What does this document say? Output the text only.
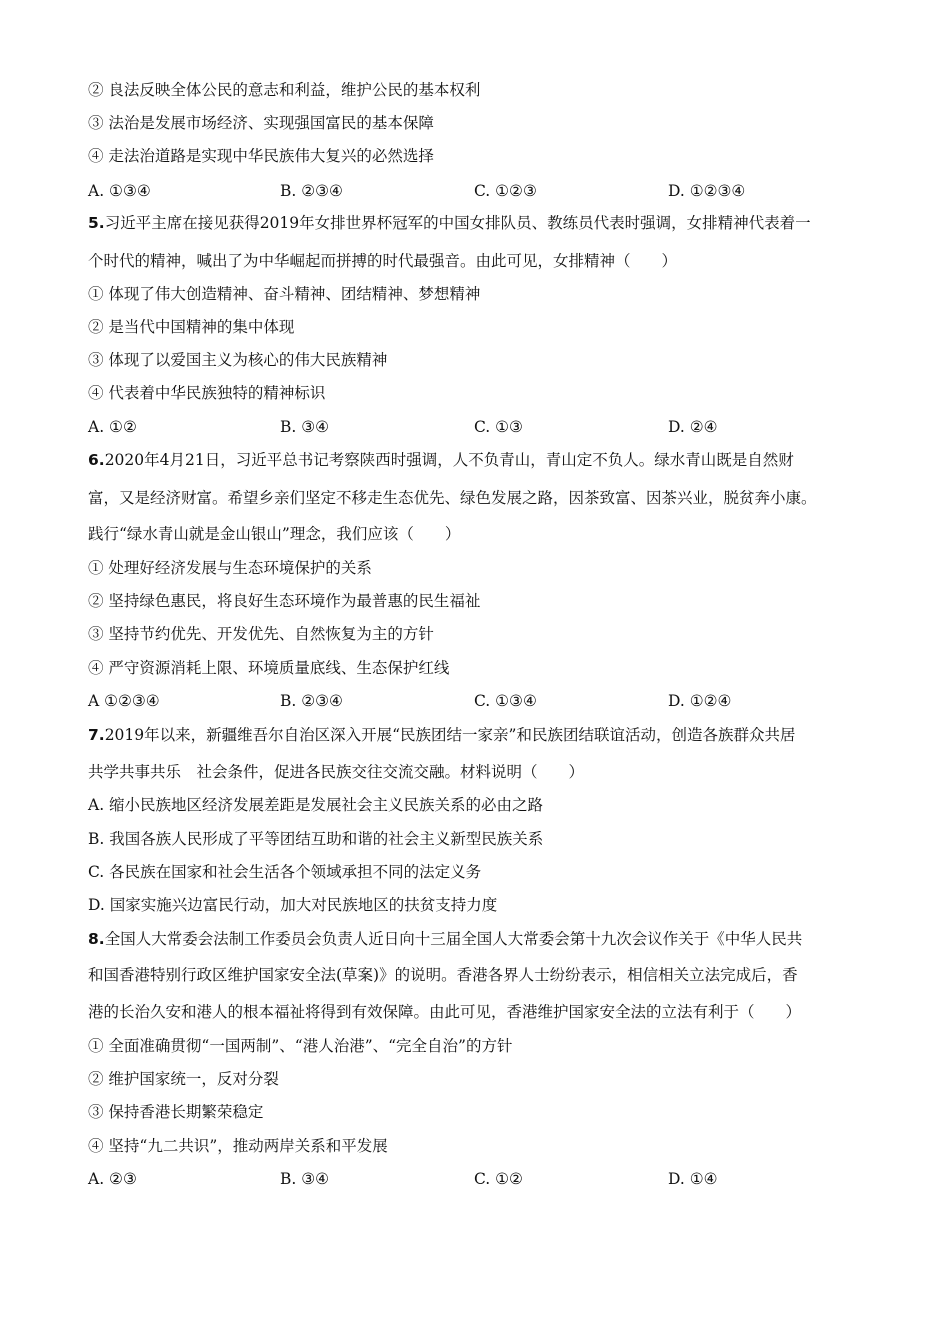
② 良法反映全体公民的意志和利益，维护公民的基本权利
③ 法治是发展市场经济、实现强国富民的基本保障
④ 走法治道路是实现中华民族伟大复兴的必然选择
A. ①③④	B. ②③④	C. ①②③	D. ①②③④
5.习近平主席在接见获得2019年女排世界杯冠军的中国女排队员、教练员代表时强调，女排精神代表着一
个时代的精神，喊出了为中华崛起而拼搏的时代最强音。由此可见，女排精神（　　）
① 体现了伟大创造精神、奋斗精神、团结精神、梦想精神
② 是当代中国精神的集中体现
③ 体现了以爱国主义为核心的伟大民族精神
④ 代表着中华民族独特的精神标识
A. ①②	B. ③④	C. ①③	D. ②④
6.2020年4月21日，习近平总书记考察陕西时强调，人不负青山，青山定不负人。绿水青山既是自然财
富，又是经济财富。希望乡亲们坚定不移走生态优先、绿色发展之路，因茶致富、因茶兴业，脱贫奔小康。
践行“绿水青山就是金山银山”理念，我们应该（　　）
① 处理好经济发展与生态环境保护的关系
② 坚持绿色惠民，将良好生态环境作为最普惠的民生福祉
③ 坚持节约优先、开发优先、自然恢复为主的方针
④ 严守资源消耗上限、环境质量底线、生态保护红线
A ①②③④	B. ②③④	C. ①③④	D. ①②④
7.2019年以来，新疆维吾尔自治区深入开展“民族团结一家亲”和民族团结联谊活动，创造各族群众共居
共学共事共乐　社会条件，促进各民族交往交流交融。材料说明（　　）
A. 缩小民族地区经济发展差距是发展社会主义民族关系的必由之路
B. 我国各族人民形成了平等团结互助和谐的社会主义新型民族关系
C. 各民族在国家和社会生活各个领域承担不同的法定义务
D. 国家实施兴边富民行动，加大对民族地区的扶贫支持力度
8.全国人大常委会法制工作委员会负责人近日向十三届全国人大常委会第十九次会议作关于《中华人民共
和国香港特别行政区维护国家安全法(草案)》的说明。香港各界人士纷纷表示，相信相关立法完成后，香
港的长治久安和港人的根本福祉将得到有效保障。由此可见，香港维护国家安全法的立法有利于（　　）
① 全面准确贯彻“一国两制”、“港人治港”、“完全自治”的方针
② 维护国家统一，反对分裂
③ 保持香港长期繁荣稳定
④ 坚持“九二共识”，推动两岸关系和平发展
A. ②③	B. ③④	C. ①②	D. ①④
